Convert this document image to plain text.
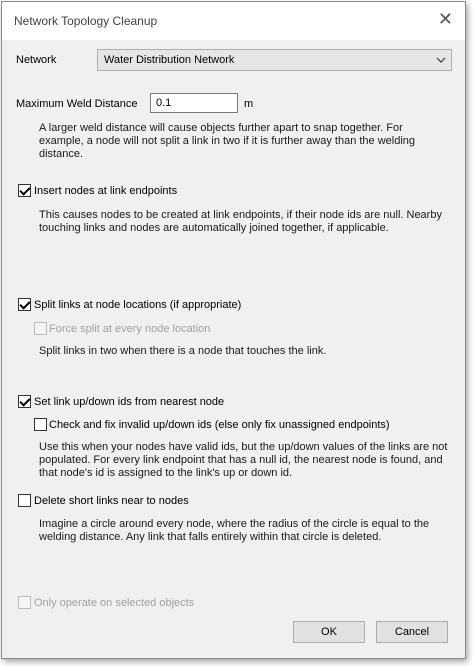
Network Topology Cleanup	✕
Network	Water Distribution Network
Maximum Weld Distance
0.1	m
A larger weld distance will cause objects further apart to snap together. For
example, a node will not split a link in two if it is further away than the welding
distance.
Insert nodes at link endpoints
This causes nodes to be created at link endpoints, if their node ids are null. Nearby
touching links and nodes are automatically joined together, if applicable.
Split links at node locations (if appropriate)
Force split at every node location
Split links in two when there is a node that touches the link.
Set link up/down ids from nearest node
Check and fix invalid up/down ids (else only fix unassigned endpoints)
Use this when your nodes have valid ids, but the up/down values of the links are not
populated. For every link endpoint that has a null id, the nearest node is found, and
that node's id is assigned to the link's up or down id.
Delete short links near to nodes
Imagine a circle around every node, where the radius of the circle is equal to the
welding distance. Any link that falls entirely within that circle is deleted.
Only operate on selected objects
OK	Cancel
